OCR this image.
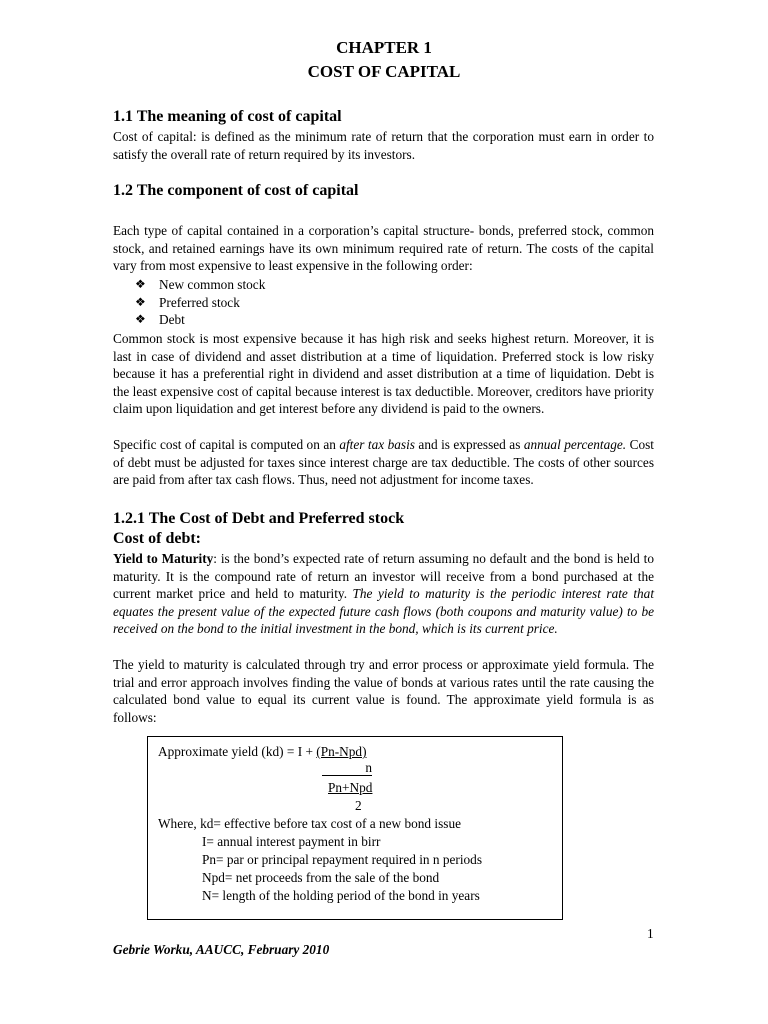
CHAPTER 1
COST OF CAPITAL
1.1 The meaning of cost of capital

Cost of capital: is defined as the minimum rate of return that the corporation must earn in order to satisfy the overall rate of return required by its investors.

1.2 The component of cost of capital

Each type of capital contained in a corporation’s capital structure- bonds, preferred stock, common stock, and retained earnings have its own minimum required rate of return. The costs of the capital vary from most expensive to least expensive in the following order:

❖ New common stock
❖ Preferred stock
❖ Debt

Common stock is most expensive because it has high risk and seeks highest return. Moreover, it is last in case of dividend and asset distribution at a time of liquidation. Preferred stock is low risky because it has a preferential right in dividend and asset distribution at a time of liquidation. Debt is the least expensive cost of capital because interest is tax deductible. Moreover, creditors have priority claim upon liquidation and get interest before any dividend is paid to the owners.

Specific cost of capital is computed on an after tax basis and is expressed as annual percentage. Cost of debt must be adjusted for taxes since interest charge are tax deductible. The costs of other sources are paid from after tax cash flows. Thus, need not adjustment for income taxes.

1.2.1 The Cost of Debt and Preferred stock
Cost of debt:

Yield to Maturity: is the bond’s expected rate of return assuming no default and the bond is held to maturity. It is the compound rate of return an investor will receive from a bond purchased at the current market price and held to maturity. The yield to maturity is the periodic interest rate that equates the present value of the expected future cash flows (both coupons and maturity value) to be received on the bond to the initial investment in the bond, which is its current price.

The yield to maturity is calculated through try and error process or approximate yield formula. The trial and error approach involves finding the value of bonds at various rates until the rate causing the calculated bond value to equal its current value is found. The approximate yield formula is as follows:

Approximate yield (kd) = I + (Pn-Npd)
n
Pn+Npd
2
Where, kd= effective before tax cost of a new bond issue
I= annual interest payment in birr
Pn= par or principal repayment required in n periods
Npd= net proceeds from the sale of the bond
N= length of the holding period of the bond in years
1
Gebrie Worku, AAUCC, February 2010
